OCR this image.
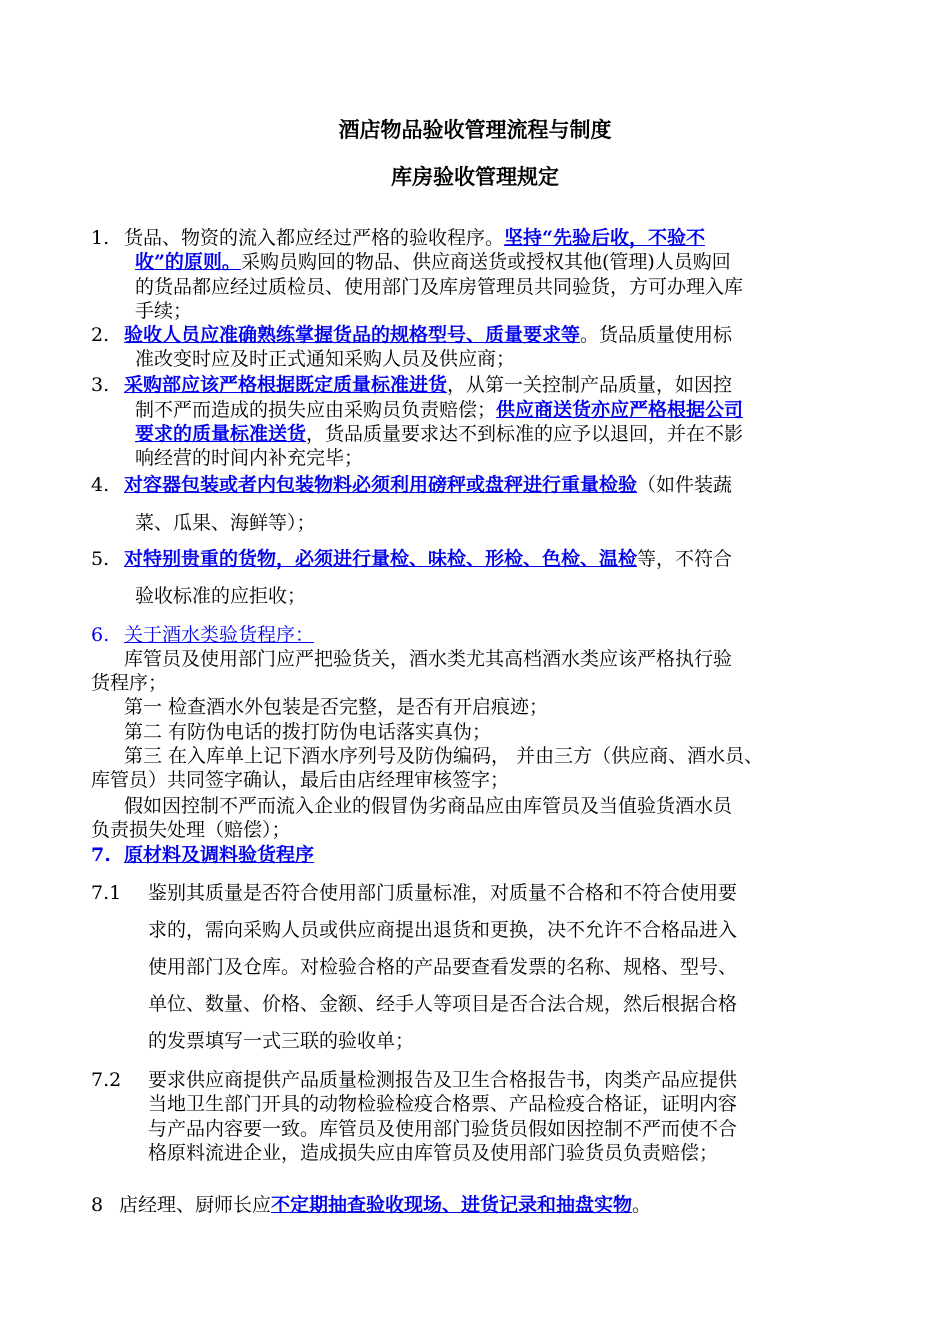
酒店物品验收管理流程与制度
库房验收管理规定
1. 货品、物资的流入都应经过严格的验收程序。坚持“先验后收，不验不
收”的原则。采购员购回的物品、供应商送货或授权其他(管理)人员购回
的货品都应经过质检员、使用部门及库房管理员共同验货，方可办理入库
手续；
2. 验收人员应准确熟练掌握货品的规格型号、质量要求等。货品质量使用标
准改变时应及时正式通知采购人员及供应商；
3. 采购部应该严格根据既定质量标准进货，从第一关控制产品质量，如因控
制不严而造成的损失应由采购员负责赔偿；供应商送货亦应严格根据公司
要求的质量标准送货，货品质量要求达不到标准的应予以退回，并在不影
响经营的时间内补充完毕；
4. 对容器包装或者内包装物料必须利用磅秤或盘秤进行重量检验（如件装蔬
菜、瓜果、海鲜等）；
5. 对特别贵重的货物，必须进行量检、味检、形检、色检、温检等，不符合
验收标准的应拒收；
6. 关于酒水类验货程序：
库管员及使用部门应严把验货关，酒水类尤其高档酒水类应该严格执行验
货程序；
第一 检查酒水外包装是否完整，是否有开启痕迹；
第二 有防伪电话的拨打防伪电话落实真伪；
第三 在入库单上记下酒水序列号及防伪编码， 并由三方（供应商、酒水员、
库管员）共同签字确认，最后由店经理审核签字；
假如因控制不严而流入企业的假冒伪劣商品应由库管员及当值验货酒水员
负责损失处理（赔偿）；
7. 原材料及调料验货程序
7.1 鉴别其质量是否符合使用部门质量标准，对质量不合格和不符合使用要
求的，需向采购人员或供应商提出退货和更换，决不允许不合格品进入
使用部门及仓库。对检验合格的产品要查看发票的名称、规格、型号、
单位、数量、价格、金额、经手人等项目是否合法合规，然后根据合格
的发票填写一式三联的验收单；
7.2 要求供应商提供产品质量检测报告及卫生合格报告书，肉类产品应提供
当地卫生部门开具的动物检验检疫合格票、产品检疫合格证，证明内容
与产品内容要一致。库管员及使用部门验货员假如因控制不严而使不合
格原料流进企业，造成损失应由库管员及使用部门验货员负责赔偿；
8 店经理、厨师长应不定期抽查验收现场、进货记录和抽盘实物。
